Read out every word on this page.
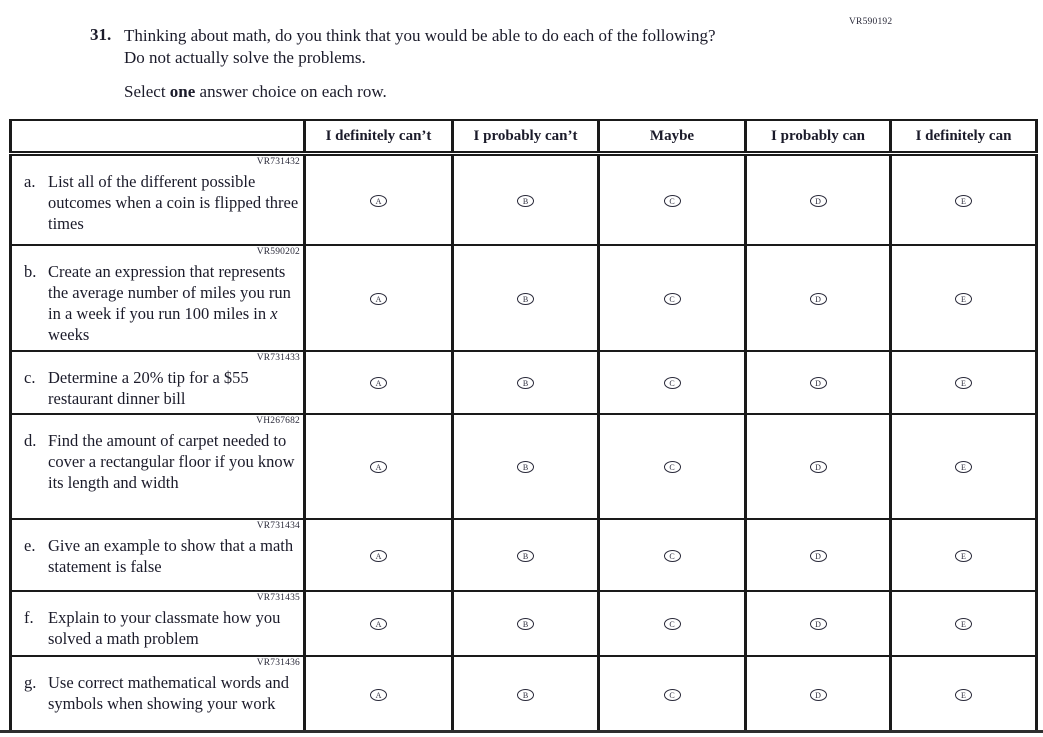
VR590192
31. Thinking about math, do you think that you would be able to do each of the following?
Do not actually solve the problems.
Select one answer choice on each row.
	I definitely can’t	I probably can’t	Maybe	I probably can	I definitely can

VR731432
a. List all of the different possible outcomes when a coin is flipped three times	A	B	C	D	E

VR590202
b. Create an expression that represents the average number of miles you run in a week if you run 100 miles in x weeks	A	B	C	D	E

VR731433
c. Determine a 20% tip for a $55 restaurant dinner bill	A	B	C	D	E

VH267682
d. Find the amount of carpet needed to cover a rectangular floor if you know its length and width	A	B	C	D	E

VR731434
e. Give an example to show that a math statement is false	A	B	C	D	E

VR731435
f. Explain to your classmate how you solved a math problem	A	B	C	D	E

VR731436
g. Use correct mathematical words and symbols when showing your work	A	B	C	D	E
